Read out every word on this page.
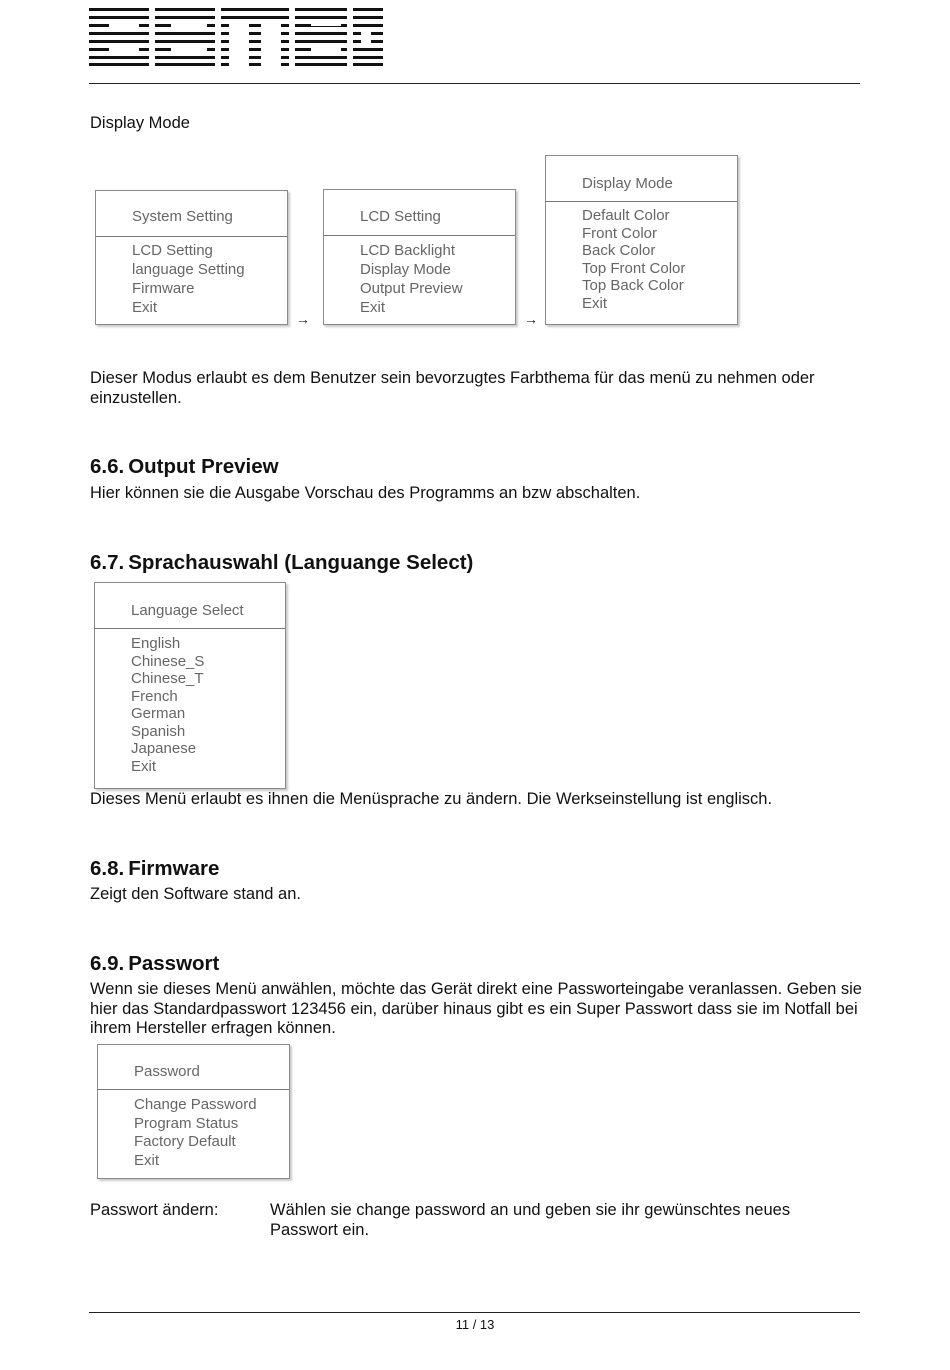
Display Mode
System Setting
LCD Setting
language Setting
Firmware
Exit
→
LCD Setting
LCD Backlight
Display Mode
Output Preview
Exit
→
Display Mode
Default Color
Front Color
Back Color
Top Front Color
Top Back Color
Exit
Dieser Modus erlaubt es dem Benutzer sein bevorzugtes Farbthema für das menü zu nehmen oder einzustellen.
6.6. Output Preview
Hier können sie die Ausgabe Vorschau des Programms an bzw abschalten.
6.7. Sprachauswahl (Languange Select)
Language Select
English
Chinese_S
Chinese_T
French
German
Spanish
Japanese
Exit
Dieses Menü erlaubt es ihnen die Menüsprache zu ändern. Die Werkseinstellung ist englisch.
6.8. Firmware
Zeigt den Software stand an.
6.9. Passwort
Wenn sie dieses Menü anwählen, möchte das Gerät direkt eine Passworteingabe veranlassen. Geben sie hier das Standardpasswort 123456 ein, darüber hinaus gibt es ein Super Passwort dass sie im Notfall bei ihrem Hersteller erfragen können.
Password
Change Password
Program Status
Factory Default
Exit
Passwort ändern:	Wählen sie change password an und geben sie ihr gewünschtes neues Passwort ein.
11 / 13
